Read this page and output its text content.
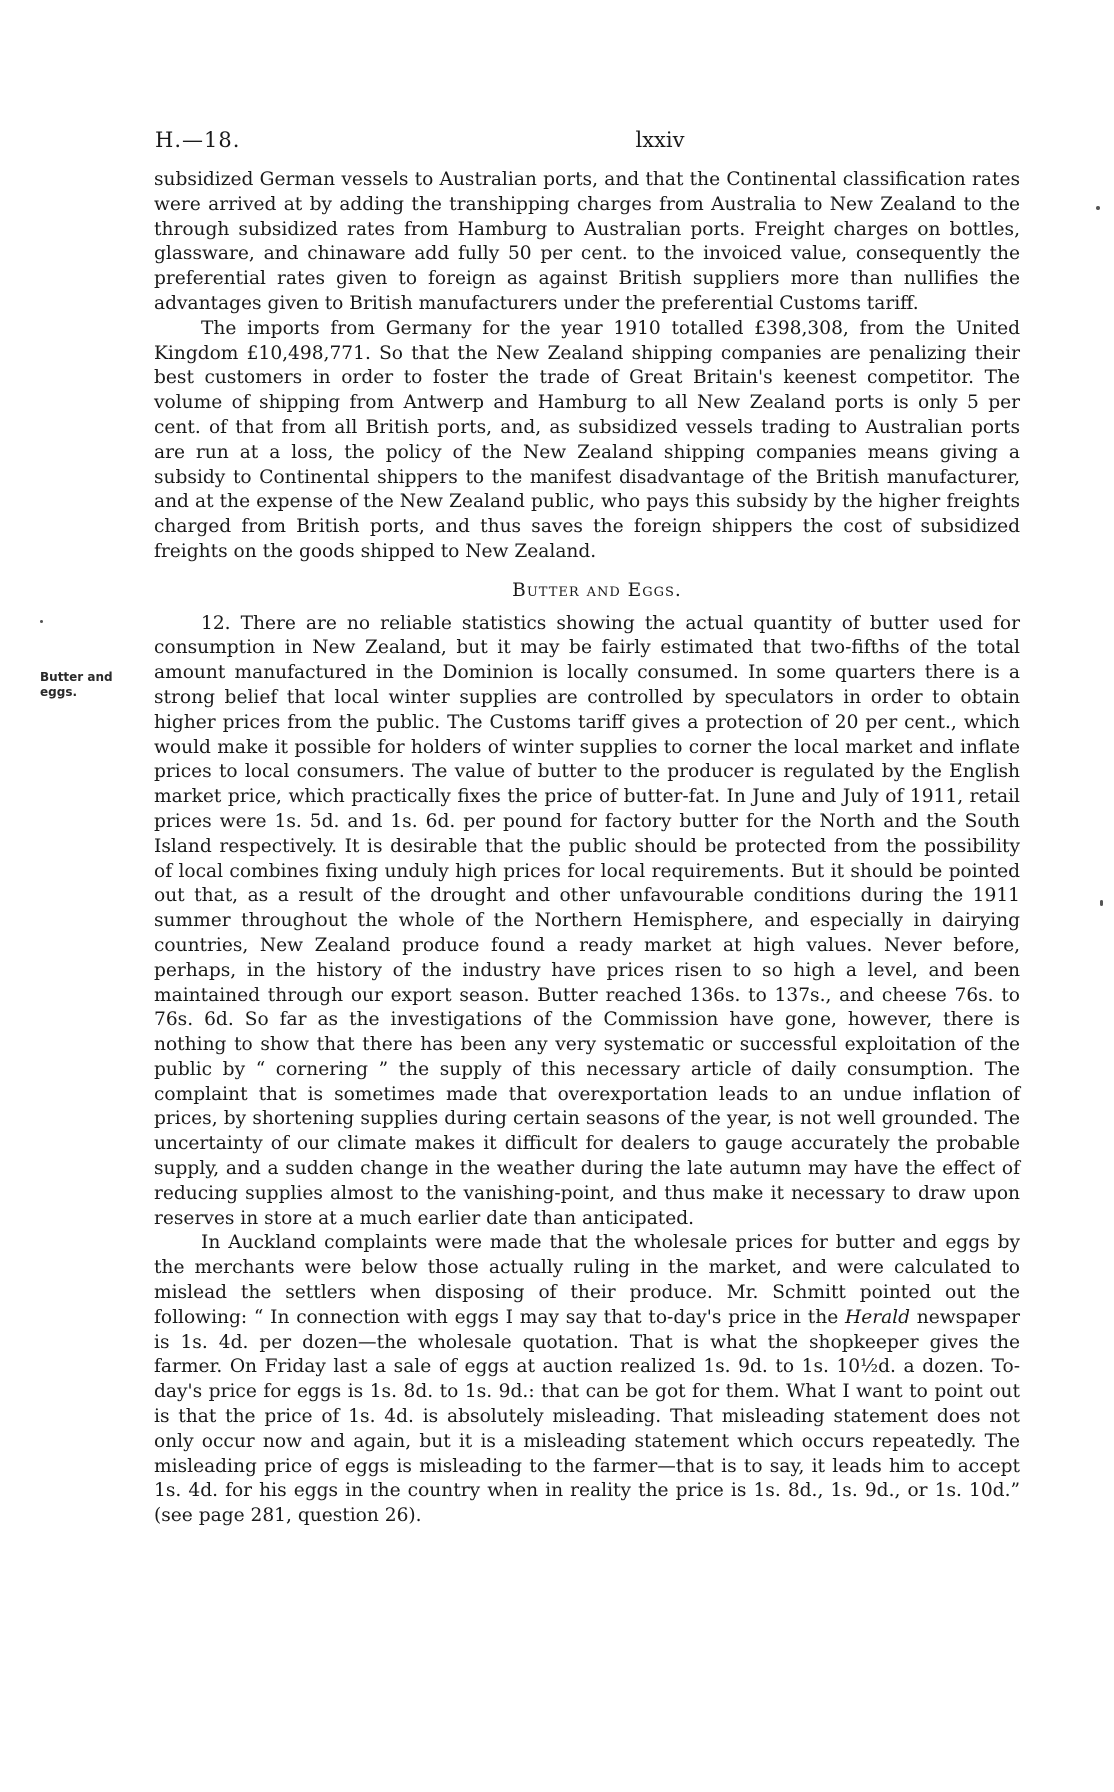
H.—18.	lxxiv
Butter and eggs.

subsidized German vessels to Australian ports, and that the Continental classification rates were arrived at by adding the transhipping charges from Australia to New Zealand to the through subsidized rates from Hamburg to Australian ports. Freight charges on bottles, glassware, and chinaware add fully 50 per cent. to the invoiced value, consequently the preferential rates given to foreign as against British suppliers more than nullifies the advantages given to British manufacturers under the preferential Customs tariff.

The imports from Germany for the year 1910 totalled £398,308, from the United Kingdom £10,498,771. So that the New Zealand shipping companies are penalizing their best customers in order to foster the trade of Great Britain's keenest competitor. The volume of shipping from Antwerp and Hamburg to all New Zealand ports is only 5 per cent. of that from all British ports, and, as subsidized vessels trading to Australian ports are run at a loss, the policy of the New Zealand shipping companies means giving a subsidy to Continental shippers to the manifest disadvantage of the British manufacturer, and at the expense of the New Zealand public, who pays this subsidy by the higher freights charged from British ports, and thus saves the foreign shippers the cost of subsidized freights on the goods shipped to New Zealand.

Butter and Eggs.

12. There are no reliable statistics showing the actual quantity of butter used for consumption in New Zealand, but it may be fairly estimated that two-fifths of the total amount manufactured in the Dominion is locally consumed. In some quarters there is a strong belief that local winter supplies are controlled by speculators in order to obtain higher prices from the public. The Customs tariff gives a protection of 20 per cent., which would make it possible for holders of winter supplies to corner the local market and inflate prices to local consumers. The value of butter to the producer is regulated by the English market price, which practically fixes the price of butter-fat. In June and July of 1911, retail prices were 1s. 5d. and 1s. 6d. per pound for factory butter for the North and the South Island respectively. It is desirable that the public should be protected from the possibility of local combines fixing unduly high prices for local requirements. But it should be pointed out that, as a result of the drought and other unfavourable conditions during the 1911 summer throughout the whole of the Northern Hemisphere, and especially in dairying countries, New Zealand produce found a ready market at high values. Never before, perhaps, in the history of the industry have prices risen to so high a level, and been maintained through our export season. Butter reached 136s. to 137s., and cheese 76s. to 76s. 6d. So far as the investigations of the Commission have gone, however, there is nothing to show that there has been any very systematic or successful exploitation of the public by “ cornering ” the supply of this necessary article of daily consumption. The complaint that is sometimes made that overexportation leads to an undue inflation of prices, by shortening supplies during certain seasons of the year, is not well grounded. The uncertainty of our climate makes it difficult for dealers to gauge accurately the probable supply, and a sudden change in the weather during the late autumn may have the effect of reducing supplies almost to the vanishing-point, and thus make it necessary to draw upon reserves in store at a much earlier date than anticipated.

In Auckland complaints were made that the wholesale prices for butter and eggs by the merchants were below those actually ruling in the market, and were calculated to mislead the settlers when disposing of their produce. Mr. Schmitt pointed out the following: “ In connection with eggs I may say that to-day's price in the Herald newspaper is 1s. 4d. per dozen—the wholesale quotation. That is what the shopkeeper gives the farmer. On Friday last a sale of eggs at auction realized 1s. 9d. to 1s. 10½d. a dozen. To-day's price for eggs is 1s. 8d. to 1s. 9d.: that can be got for them. What I want to point out is that the price of 1s. 4d. is absolutely misleading. That misleading statement does not only occur now and again, but it is a misleading statement which occurs repeatedly. The misleading price of eggs is misleading to the farmer—that is to say, it leads him to accept 1s. 4d. for his eggs in the country when in reality the price is 1s. 8d., 1s. 9d., or 1s. 10d.” (see page 281, question 26).
